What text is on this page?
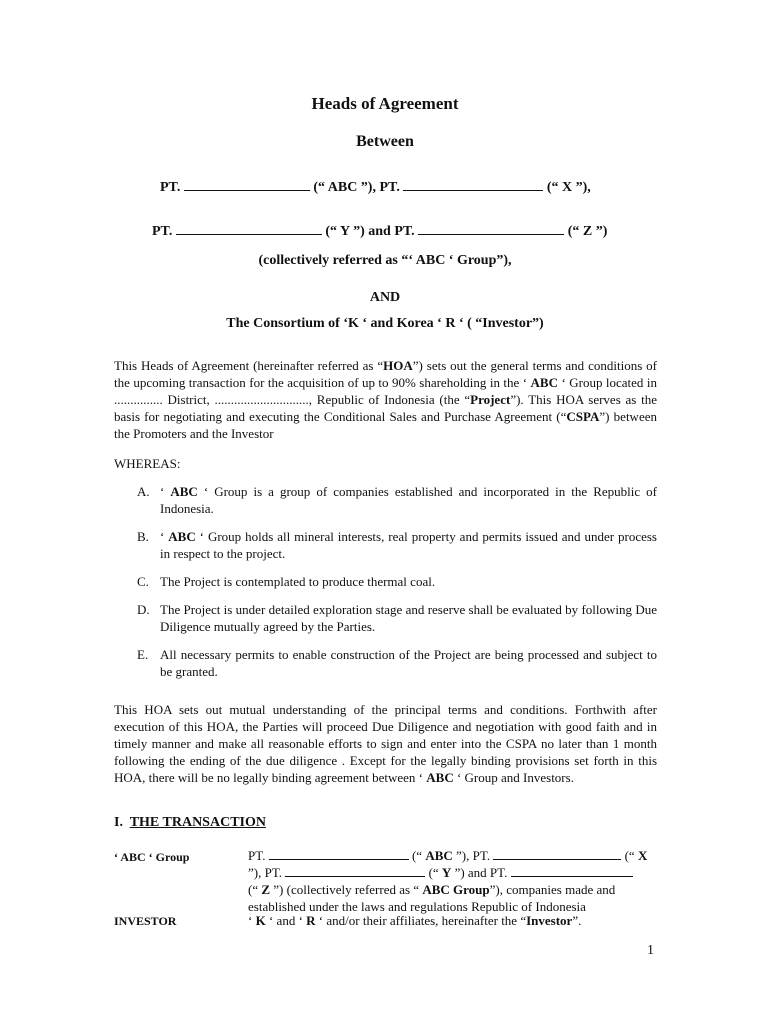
Heads of Agreement
Between
PT.	(“ ABC ”), PT.	(“ X ”),
PT.	(“ Y ”) and PT.	(“ Z ”)
(collectively referred as “‘ ABC ‘ Group”),
AND
The Consortium of ‘K ‘ and Korea ‘ R ‘ ( “Investor”)

This Heads of Agreement (hereinafter referred as “HOA”) sets out the general terms and conditions of the upcoming transaction for the acquisition of up to 90% shareholding in the ‘ ABC ‘ Group located in ............... District, ............................., Republic of Indonesia (the “Project”). This HOA serves as the basis for negotiating and executing the Conditional Sales and Purchase Agreement (“CSPA”) between the Promoters and the Investor

WHEREAS:
A. ‘ ABC ‘ Group is a group of companies established and incorporated in the Republic of Indonesia.
B. ‘ ABC ‘ Group holds all mineral interests, real property and permits issued and under process in respect to the project.
C. The Project is contemplated to produce thermal coal.
D. The Project is under detailed exploration stage and reserve shall be evaluated by following Due Diligence mutually agreed by the Parties.
E. All necessary permits to enable construction of the Project are being processed and subject to be granted.

This HOA sets out mutual understanding of the principal terms and conditions. Forthwith after execution of this HOA, the Parties will proceed Due Diligence and negotiation with good faith and in timely manner and make all reasonable efforts to sign and enter into the CSPA no later than 1 month following the ending of the due diligence . Except for the legally binding provisions set forth in this HOA, there will be no legally binding agreement between ‘ ABC ‘ Group and Investors.

I. THE TRANSACTION
‘ ABC ‘ Group	PT.	(“ ABC ”), PT.	(“ X
”), PT.	(“ Y ”) and PT.
(“ Z ”) (collectively referred as “ ABC Group”), companies made and established under the laws and regulations Republic of Indonesia
INVESTOR	‘ K ‘ and ‘ R ‘ and/or their affiliates, hereinafter the “Investor”.
1
